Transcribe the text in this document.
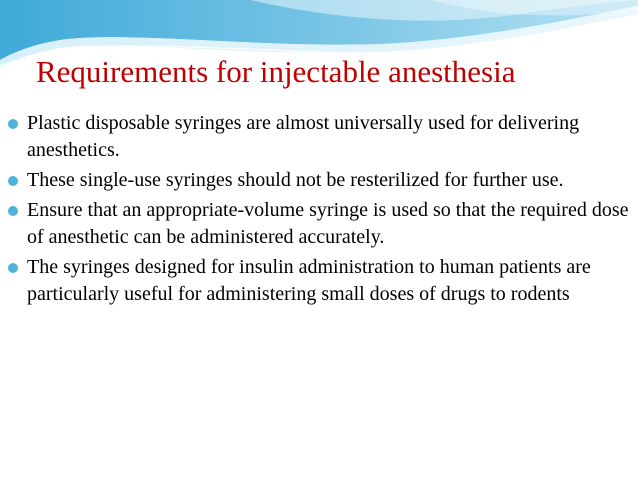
Requirements for injectable anesthesia
Plastic disposable syringes are almost universally used for delivering anesthetics.
These single-use syringes should not be resterilized for further use.
Ensure that an appropriate-volume syringe is used so that the required dose of anesthetic can be administered accurately.
The syringes designed for insulin administration to human patients are particularly useful for administering small doses of drugs to rodents
